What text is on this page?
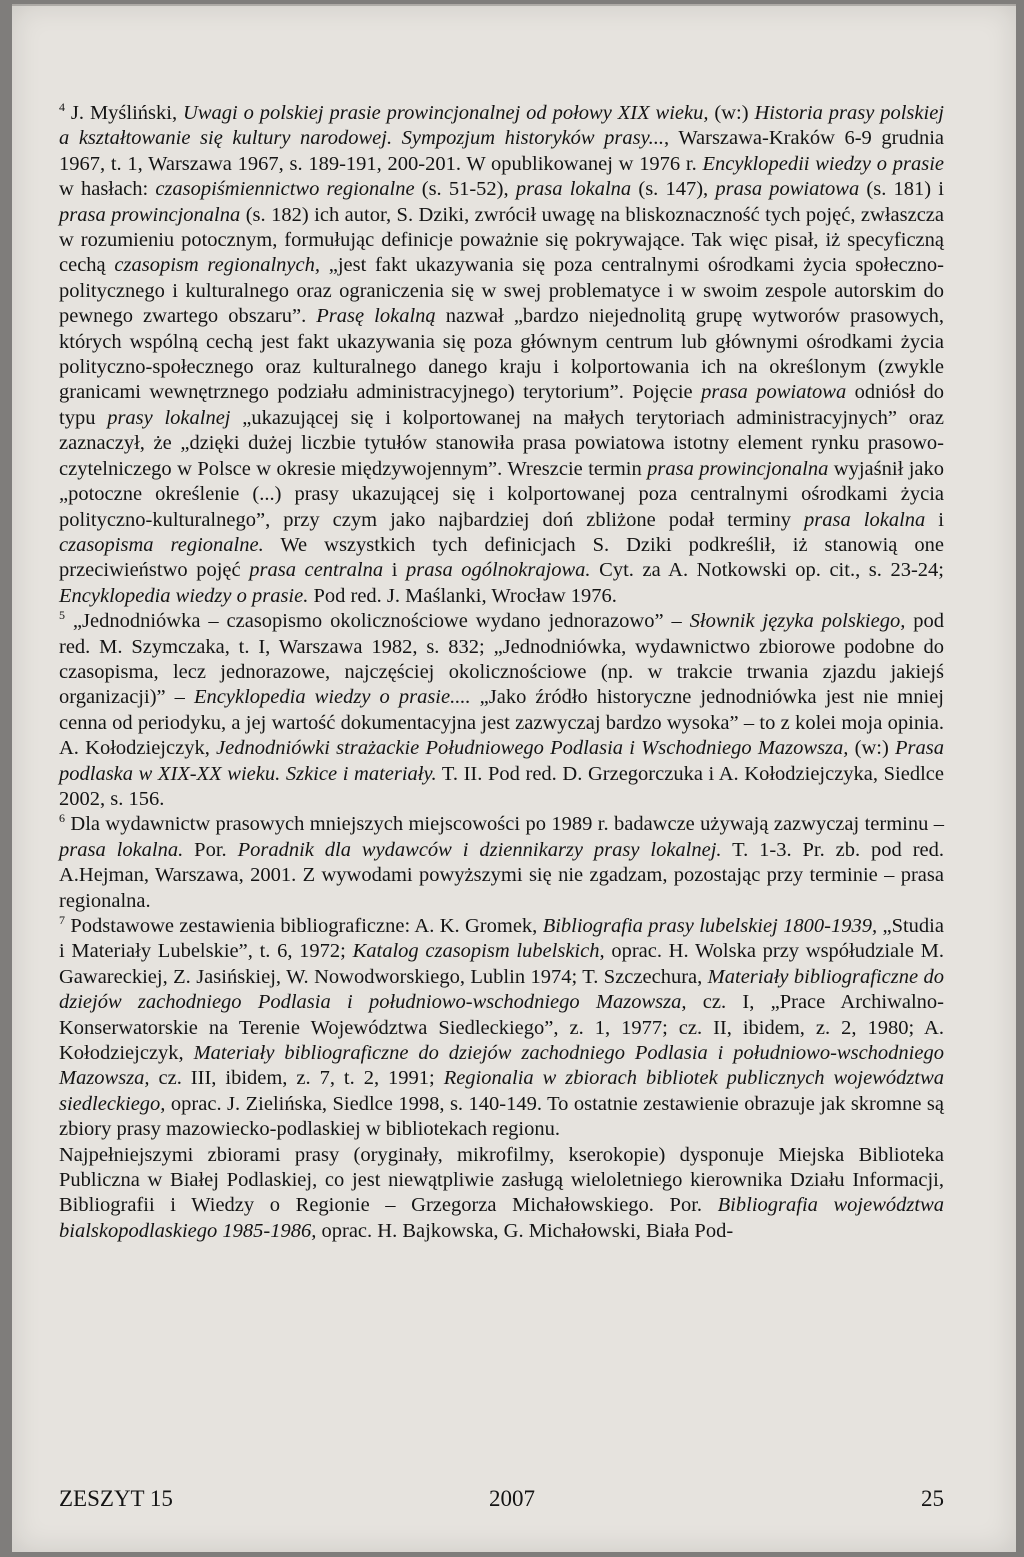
$^4$ J. Myśliński, Uwagi o polskiej prasie prowincjonalnej od połowy XIX wieku, (w:) Historia prasy polskiej a kształtowanie się kultury narodowej. Sympozjum historyków prasy..., Warszawa-Kraków 6-9 grudnia 1967, t. 1, Warszawa 1967, s. 189-191, 200-201. W opublikowanej w 1976 r. Encyklopedii wiedzy o prasie w hasłach: czasopiśmiennictwo regionalne (s. 51-52), prasa lokalna (s. 147), prasa powiatowa (s. 181) i prasa prowincjonalna (s. 182) ich autor, S. Dziki, zwrócił uwagę na bliskoznaczność tych pojęć, zwłaszcza w rozumieniu potocznym, formułując definicje poważnie się pokrywające. Tak więc pisał, iż specyficzną cechą czasopism regionalnych, „jest fakt ukazywania się poza centralnymi ośrodkami życia społeczno-politycznego i kulturalnego oraz ograniczenia się w swej problematyce i w swoim zespole autorskim do pewnego zwartego obszaru”. Prasę lokalną nazwał „bardzo niejednolitą grupę wytworów prasowych, których wspólną cechą jest fakt ukazywania się poza głównym centrum lub głównymi ośrodkami życia polityczno-społecznego oraz kulturalnego danego kraju i kolportowania ich na określonym (zwykle granicami wewnętrznego podziału administracyjnego) terytorium”. Pojęcie prasa powiatowa odniósł do typu prasy lokalnej „ukazującej się i kolportowanej na małych terytoriach administracyjnych” oraz zaznaczył, że „dzięki dużej liczbie tytułów stanowiła prasa powiatowa istotny element rynku prasowo-czytelniczego w Polsce w okresie międzywojennym”. Wreszcie termin prasa prowincjonalna wyjaśnił jako „potoczne określenie (...) prasy ukazującej się i kolportowanej poza centralnymi ośrodkami życia polityczno-kulturalnego”, przy czym jako najbardziej doń zbliżone podał terminy prasa lokalna i czasopisma regionalne. We wszystkich tych definicjach S. Dziki podkreślił, iż stanowią one przeciwieństwo pojęć prasa centralna i prasa ogólnokrajowa. Cyt. za A. Notkowski op. cit., s. 23-24; Encyklopedia wiedzy o prasie. Pod red. J. Maślanki, Wrocław 1976.

$^5$ „Jednodniówka – czasopismo okolicznościowe wydano jednorazowo” – Słownik języka polskiego, pod red. M. Szymczaka, t. I, Warszawa 1982, s. 832; „Jednodniówka, wydawnictwo zbiorowe podobne do czasopisma, lecz jednorazowe, najczęściej okolicznościowe (np. w trakcie trwania zjazdu jakiejś organizacji)” – Encyklopedia wiedzy o prasie.... „Jako źródło historyczne jednodniówka jest nie mniej cenna od periodyku, a jej wartość dokumentacyjna jest zazwyczaj bardzo wysoka” – to z kolei moja opinia. A. Kołodziejczyk, Jednodniówki strażackie Południowego Podlasia i Wschodniego Mazowsza, (w:) Prasa podlaska w XIX-XX wieku. Szkice i materiały. T. II. Pod red. D. Grzegorczuka i A. Kołodziejczyka, Siedlce 2002, s. 156.

$^6$ Dla wydawnictw prasowych mniejszych miejscowości po 1989 r. badawcze używają zazwyczaj terminu – prasa lokalna. Por. Poradnik dla wydawców i dziennikarzy prasy lokalnej. T. 1-3. Pr. zb. pod red. A.Hejman, Warszawa, 2001. Z wywodami powyższymi się nie zgadzam, pozostając przy terminie – prasa regionalna.

$^7$ Podstawowe zestawienia bibliograficzne: A. K. Gromek, Bibliografia prasy lubelskiej 1800-1939, „Studia i Materiały Lubelskie”, t. 6, 1972; Katalog czasopism lubelskich, oprac. H. Wolska przy współudziale M. Gawareckiej, Z. Jasińskiej, W. Nowodworskiego, Lublin 1974; T. Szczechura, Materiały bibliograficzne do dziejów zachodniego Podlasia i południowo-wschodniego Mazowsza, cz. I, „Prace Archiwalno-Konserwatorskie na Terenie Województwa Siedleckiego”, z. 1, 1977; cz. II, ibidem, z. 2, 1980; A. Kołodziejczyk, Materiały bibliograficzne do dziejów zachodniego Podlasia i południowo-wschodniego Mazowsza, cz. III, ibidem, z. 7, t. 2, 1991; Regionalia w zbiorach bibliotek publicznych województwa siedleckiego, oprac. J. Zielińska, Siedlce 1998, s. 140-149. To ostatnie zestawienie obrazuje jak skromne są zbiory prasy mazowiecko-podlaskiej w bibliotekach regionu.

Najpełniejszymi zbiorami prasy (oryginały, mikrofilmy, kserokopie) dysponuje Miejska Biblioteka Publiczna w Białej Podlaskiej, co jest niewątpliwie zasługą wieloletniego kierownika Działu Informacji, Bibliografii i Wiedzy o Regionie – Grzegorza Michałowskiego. Por. Bibliografia województwa bialskopodlaskiego 1985-1986, oprac. H. Bajkowska, G. Michałowski, Biała Pod-

ZESZYT 15	2007	25
